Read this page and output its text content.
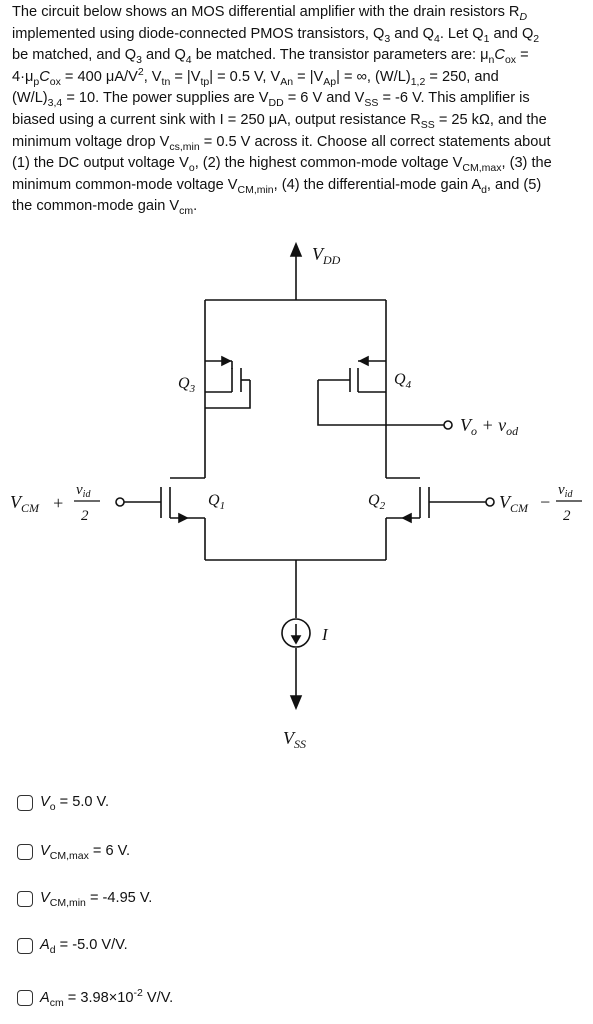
The circuit below shows an MOS differential amplifier with the drain resistors $R_D$

implemented using diode-connected PMOS transistors, $Q_3$ and $Q_4$. Let $Q_1$ and $Q_2$

be matched, and $Q_3$ and $Q_4$ be matched. The transistor parameters are: $\mu_nC_{ox}$ =

$4\cdot\mu_pC_{ox} = 400$ $\mu A/V^2$, $V_{tn} = |V_{tp}| = 0.5$ V, $V_{An} = |V_{Ap}|$ = ∞, $(W/L)_{1,2} = 250$, and

$(W/L)_{3,4} = 10$. The power supplies are $V_{DD} = 6$ V and $V_{SS} = -6$ V. This amplifier is

biased using a current sink with I = 250 μA, output resistance $R_{SS} = 25$ kΩ, and the

minimum voltage drop $V_{cs,min} = 0.5$ V across it. Choose all correct statements about

(1) the DC output voltage $V_o$, (2) the highest common-mode voltage $V_{CM,max}$, (3) the

minimum common-mode voltage $V_{CM,min}$, (4) the differential-mode gain $A_d$, and (5)

the common-mode gain $V_{cm}$.

$V_{DD}$
$V_{SS}$
$Q_3$
$Q_4$
$Q_1$	$Q_2$
I
$V_o + v_{od}$
$V_{CM}$ +
$v_{id}$
2
$V_{CM}$ −
$v_{id}$
2
$V_o = 5.0$ V.
$V_{CM,max} = 6$ V.
$V_{CM,min} = -4.95$ V.
$A_d = -5.0$ V/V.
$A_{cm} = 3.98\times 10^{-2}$ V/V.
